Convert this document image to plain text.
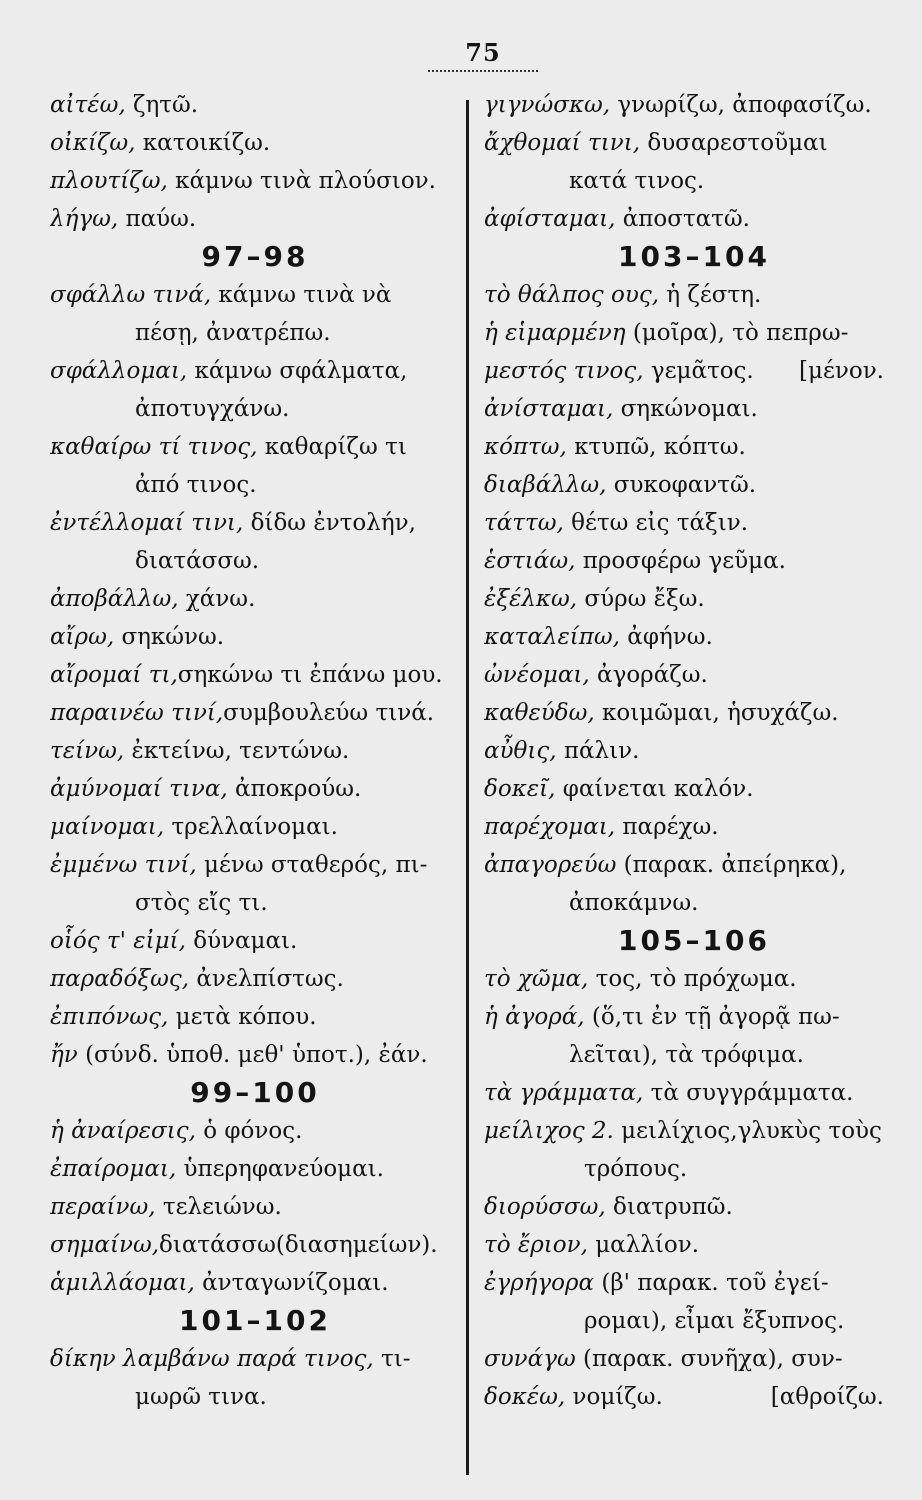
75
αἰτέω, ζητῶ.
οἰκίζω, κατοικίζω.
πλουτίζω, κάμνω τινὰ πλούσιον.
λήγω, παύω.
97–98
σφάλλω τινά, κάμνω τινὰ νὰ
πέσῃ, ἀνατρέπω.
σφάλλομαι, κάμνω σφάλματα,
ἀποτυγχάνω.
καθαίρω τί τινος, καθαρίζω τι
ἀπό τινος.
ἐντέλλομαί τινι, δίδω ἐντολήν,
διατάσσω.
ἀποβάλλω, χάνω.
αἴρω, σηκώνω.
αἴρομαί τι,σηκώνω τι ἐπάνω μου.
παραινέω τινί,συμβουλεύω τινά.
τείνω, ἐκτείνω, τεντώνω.
ἀμύνομαί τινα, ἀποκρούω.
μαίνομαι, τρελλαίνομαι.
ἐμμένω τινί, μένω σταθερός, πι-
στὸς εἴς τι.
οἷός τ' εἰμί, δύναμαι.
παραδόξως, ἀνελπίστως.
ἐπιπόνως, μετὰ κόπου.
ἤν (σύνδ. ὑποθ. μεθ' ὑποτ.), ἐάν.
99–100
ἡ ἀναίρεσις, ὁ φόνος.
ἐπαίρομαι, ὑπερηφανεύομαι.
περαίνω, τελειώνω.
σημαίνω,διατάσσω(διασημείων).
ἁμιλλάομαι, ἀνταγωνίζομαι.
101–102
δίκην λαμβάνω παρά τινος, τι-
μωρῶ τινα.
γιγνώσκω, γνωρίζω, ἀποφασίζω.
ἄχθομαί τινι, δυσαρεστοῦμαι
κατά τινος.
ἀφίσταμαι, ἀποστατῶ.
103–104
τὸ θάλπος ους, ἡ ζέστη.
ἡ εἱμαρμένη (μοῖρα), τὸ πεπρω-
[μένον.
μεστός τινος, γεμᾶτος.
ἀνίσταμαι, σηκώνομαι.
κόπτω, κτυπῶ, κόπτω.
διαβάλλω, συκοφαντῶ.
τάττω, θέτω εἰς τάξιν.
ἑστιάω, προσφέρω γεῦμα.
ἐξέλκω, σύρω ἔξω.
καταλείπω, ἀφήνω.
ὠνέομαι, ἀγοράζω.
καθεύδω, κοιμῶμαι, ἡσυχάζω.
αὖθις, πάλιν.
δοκεῖ, φαίνεται καλόν.
παρέχομαι, παρέχω.
ἀπαγορεύω (παρακ. ἀπείρηκα),
ἀποκάμνω.
105–106
τὸ χῶμα, τος, τὸ πρόχωμα.
ἡ ἀγορά, (ὅ,τι ἐν τῇ ἀγορᾷ πω-
λεῖται), τὰ τρόφιμα.
τὰ γράμματα, τὰ συγγράμματα.
μείλιχος 2. μειλίχιος,γλυκὺς τοὺς
τρόπους.
διορύσσω, διατρυπῶ.
τὸ ἔριον, μαλλίον.
ἐγρήγορα (β' παρακ. τοῦ ἐγεί-
ρομαι), εἶμαι ἔξυπνος.
συνάγω (παρακ. συνῆχα), συν-
[αθροίζω.
δοκέω, νομίζω.
